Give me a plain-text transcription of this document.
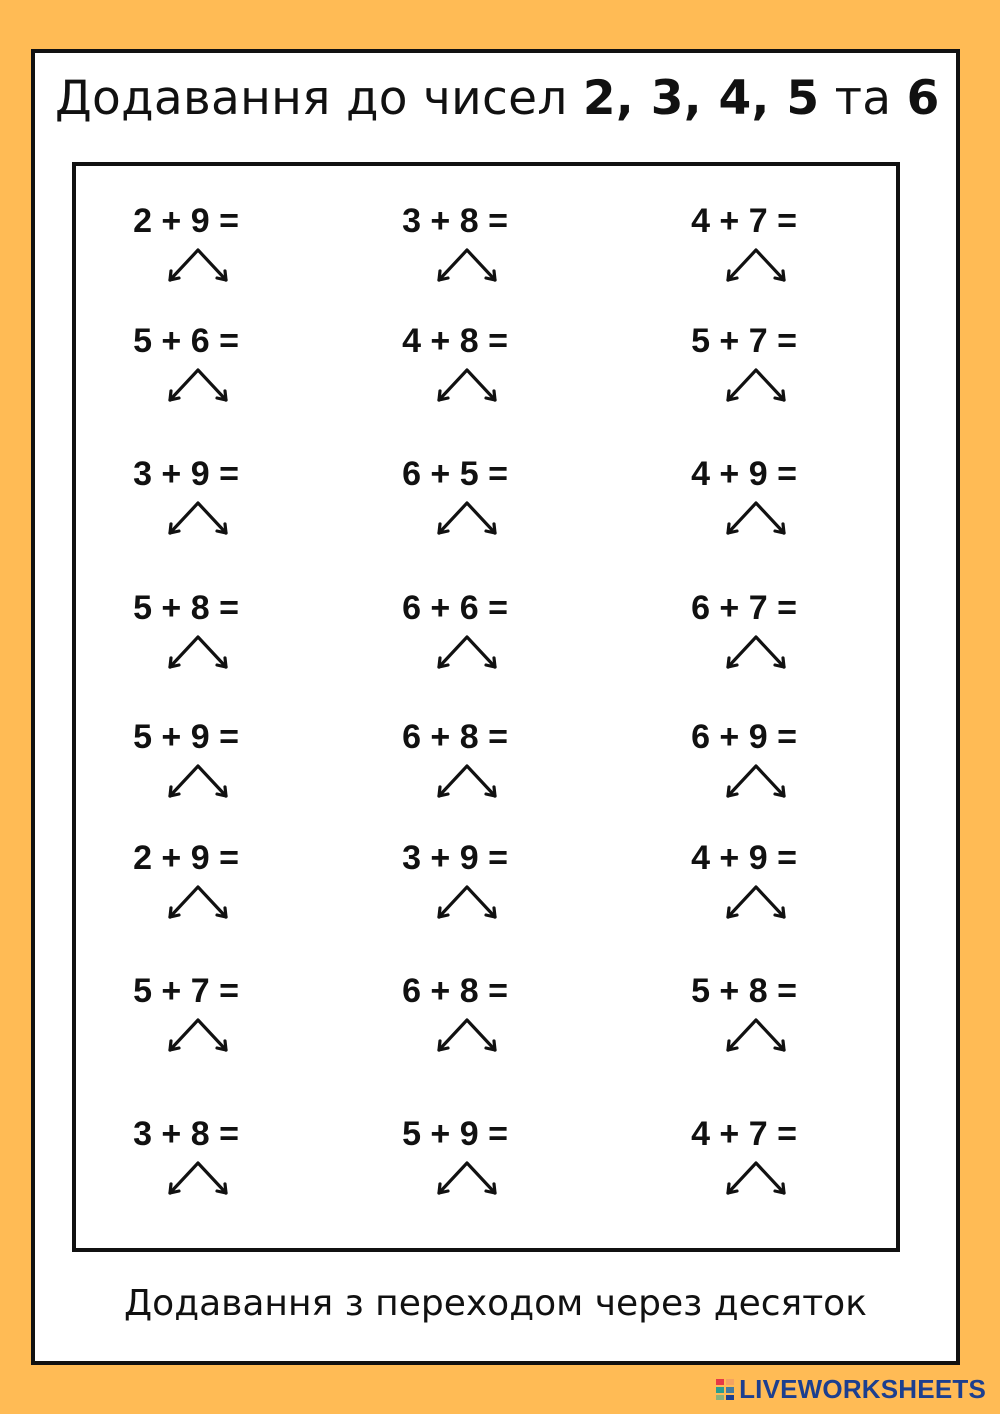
Додавання до чисел 2, 3, 4, 5 та 6
2 + 9 =	3 + 8 =	4 + 7 =
5 + 6 =	4 + 8 =	5 + 7 =
3 + 9 =	6 + 5 =	4 + 9 =
5 + 8 =	6 + 6 =	6 + 7 =
5 + 9 =	6 + 8 =	6 + 9 =
2 + 9 =	3 + 9 =	4 + 9 =
5 + 7 =	6 + 8 =	5 + 8 =
3 + 8 =	5 + 9 =	4 + 7 =

Додавання з переходом через десяток

LIVEWORKSHEETS
